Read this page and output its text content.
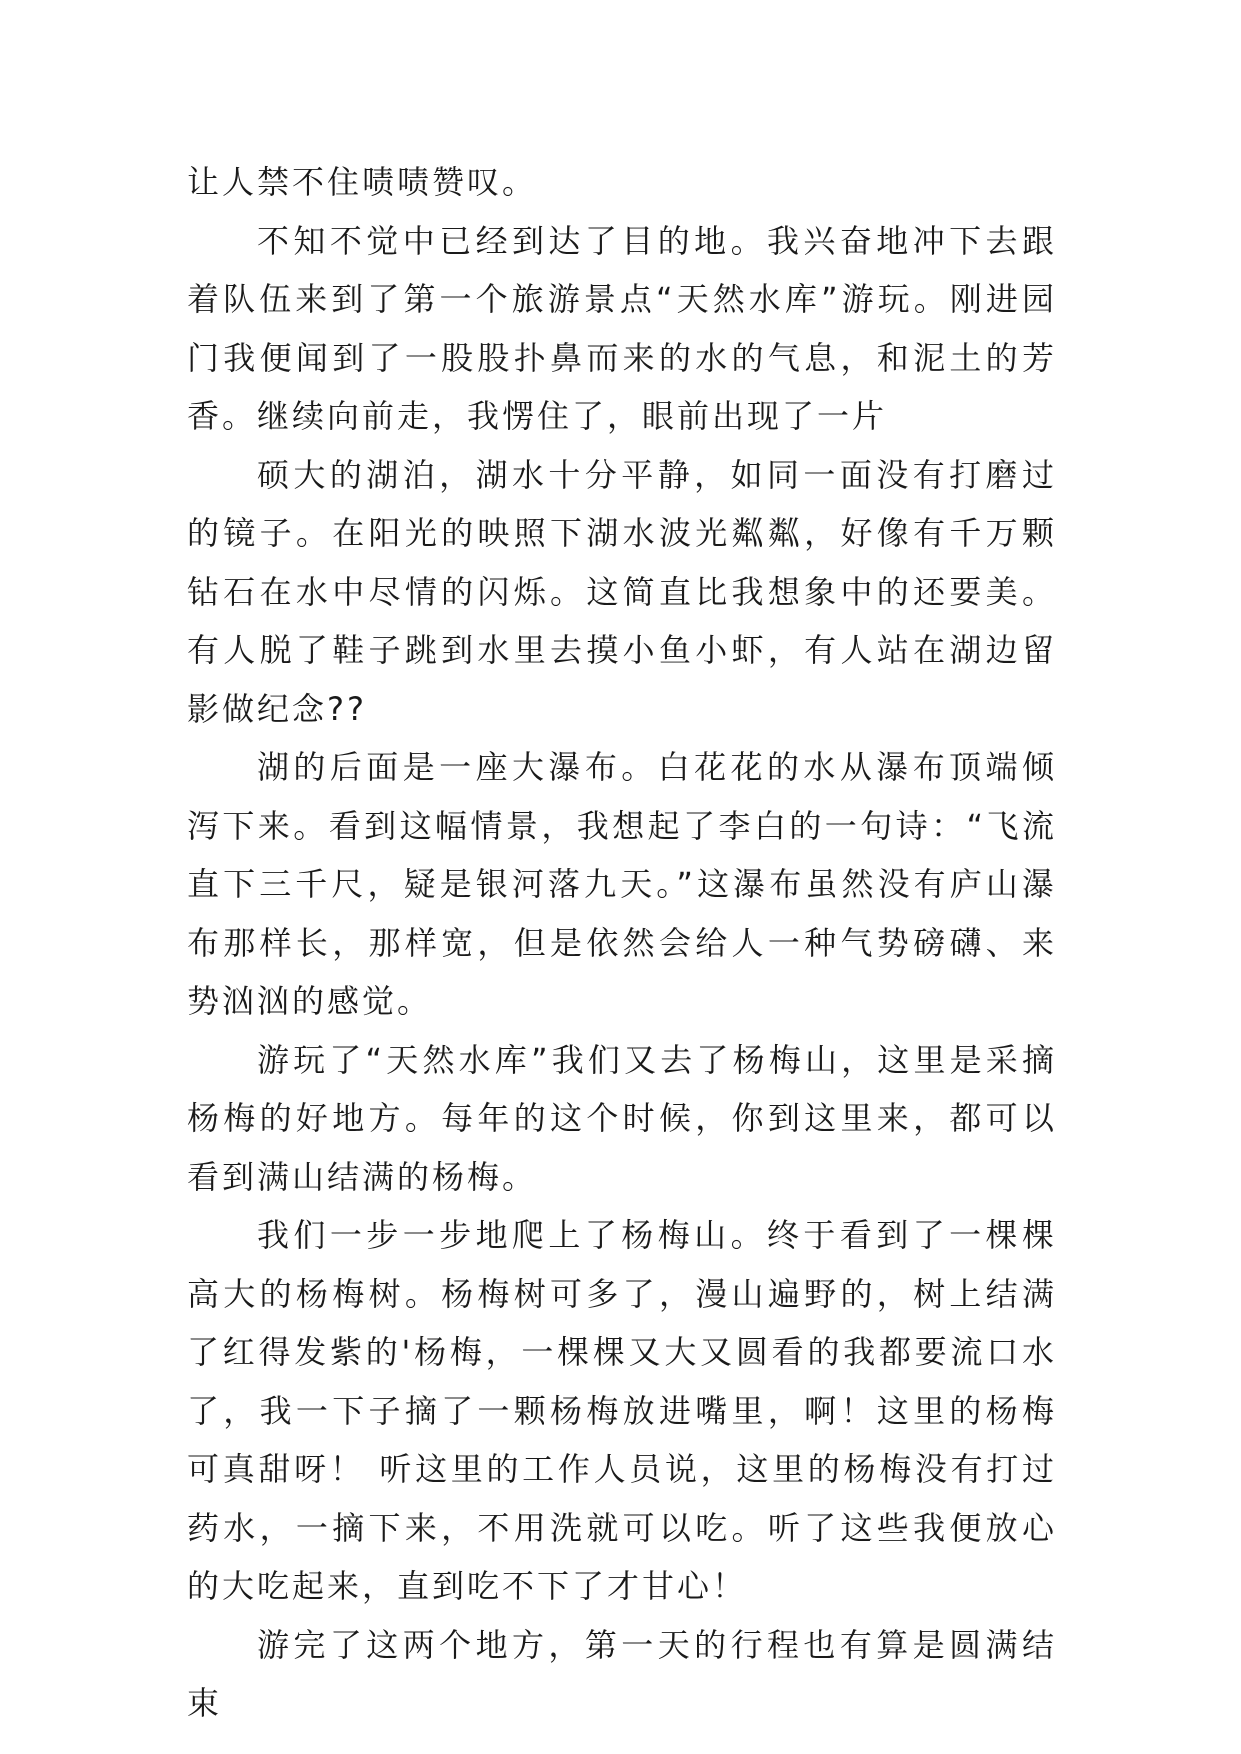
让人禁不住啧啧赞叹。

不知不觉中已经到达了目的地。我兴奋地冲下去跟着队伍来到了第一个旅游景点“天然水库”游玩。刚进园门我便闻到了一股股扑鼻而来的水的气息，和泥土的芳香。继续向前走，我愣住了，眼前出现了一片

硕大的湖泊，湖水十分平静，如同一面没有打磨过的镜子。在阳光的映照下湖水波光粼粼，好像有千万颗钻石在水中尽情的闪烁。这简直比我想象中的还要美。有人脱了鞋子跳到水里去摸小鱼小虾，有人站在湖边留影做纪念??

湖的后面是一座大瀑布。白花花的水从瀑布顶端倾泻下来。看到这幅情景，我想起了李白的一句诗：“飞流直下三千尺，疑是银河落九天。”这瀑布虽然没有庐山瀑布那样长，那样宽，但是依然会给人一种气势磅礴、来势汹汹的感觉。

游玩了“天然水库”我们又去了杨梅山，这里是采摘杨梅的好地方。每年的这个时候，你到这里来，都可以看到满山结满的杨梅。

我们一步一步地爬上了杨梅山。终于看到了一棵棵高大的杨梅树。杨梅树可多了，漫山遍野的，树上结满了红得发紫的'杨梅，一棵棵又大又圆看的我都要流口水了，我一下子摘了一颗杨梅放进嘴里，啊！这里的杨梅可真甜呀！ 听这里的工作人员说，这里的杨梅没有打过药水，一摘下来，不用洗就可以吃。听了这些我便放心的大吃起来，直到吃不下了才甘心！

游完了这两个地方，第一天的行程也有算是圆满结束
